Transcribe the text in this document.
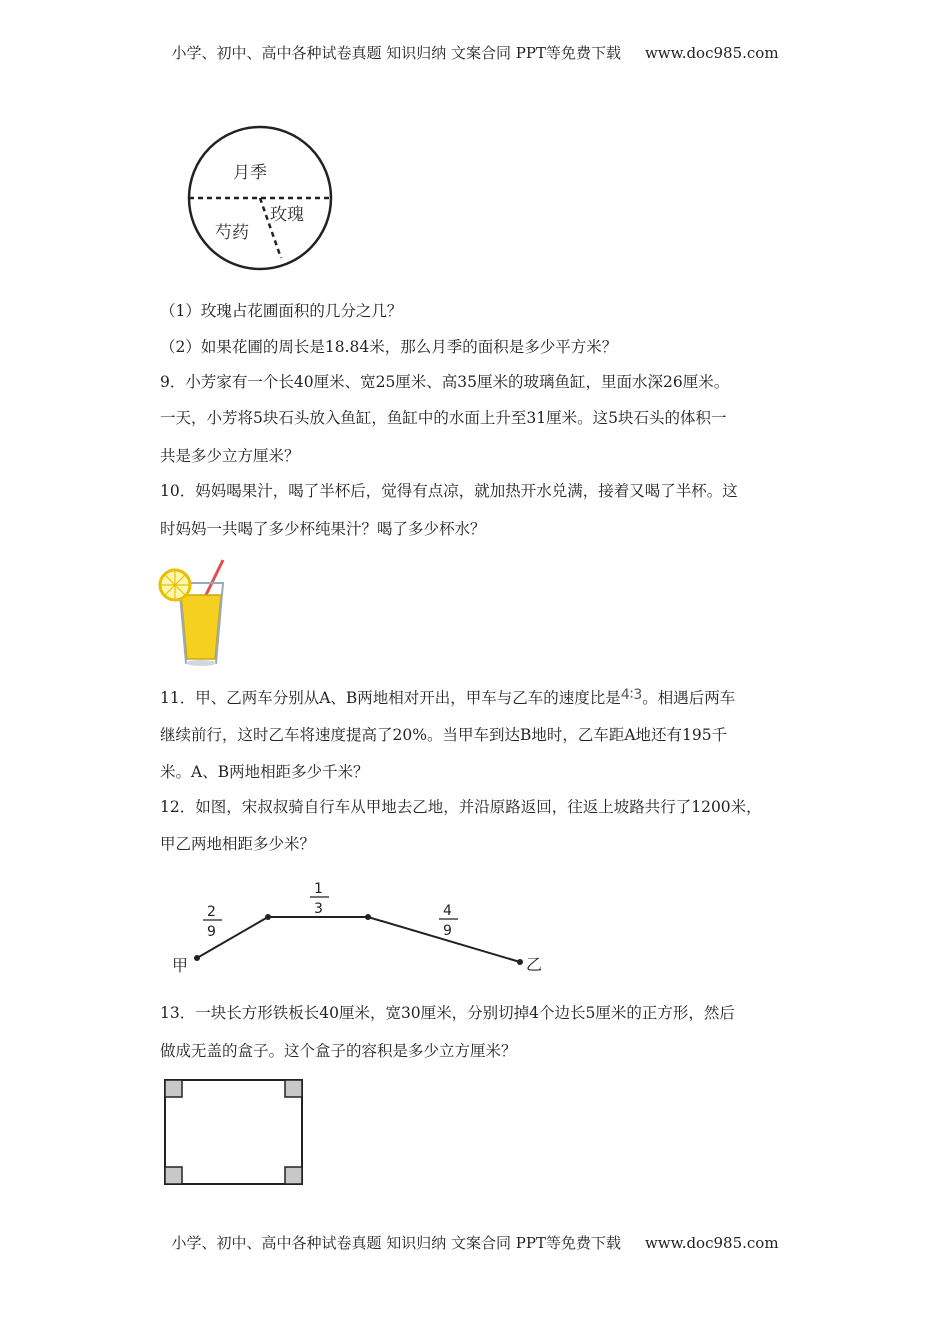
小学、初中、高中各种试卷真题 知识归纳 文案合同 PPT等免费下载 www.doc985.com
月季
玫瑰
芍药
（1）玫瑰占花圃面积的几分之几？
（2）如果花圃的周长是18.84米，那么月季的面积是多少平方米？
9．小芳家有一个长40厘米、宽25厘米、高35厘米的玻璃鱼缸，里面水深26厘米。
一天，小芳将5块石头放入鱼缸，鱼缸中的水面上升至31厘米。这5块石头的体积一
共是多少立方厘米？
10．妈妈喝果汁，喝了半杯后，觉得有点凉，就加热开水兑满，接着又喝了半杯。这
时妈妈一共喝了多少杯纯果汁？喝了多少杯水？
11．甲、乙两车分别从A、B两地相对开出，甲车与乙车的速度比是4∶3。相遇后两车
继续前行，这时乙车将速度提高了20%。当甲车到达B地时，乙车距A地还有195千
米。A、B两地相距多少千米？
12．如图，宋叔叔骑自行车从甲地去乙地，并沿原路返回，往返上坡路共行了1200米，
甲乙两地相距多少米？
甲	乙
2
9
1
3	4
9
13．一块长方形铁板长40厘米，宽30厘米，分别切掉4个边长5厘米的正方形，然后
做成无盖的盒子。这个盒子的容积是多少立方厘米？
小学、初中、高中各种试卷真题 知识归纳 文案合同 PPT等免费下载 www.doc985.com
